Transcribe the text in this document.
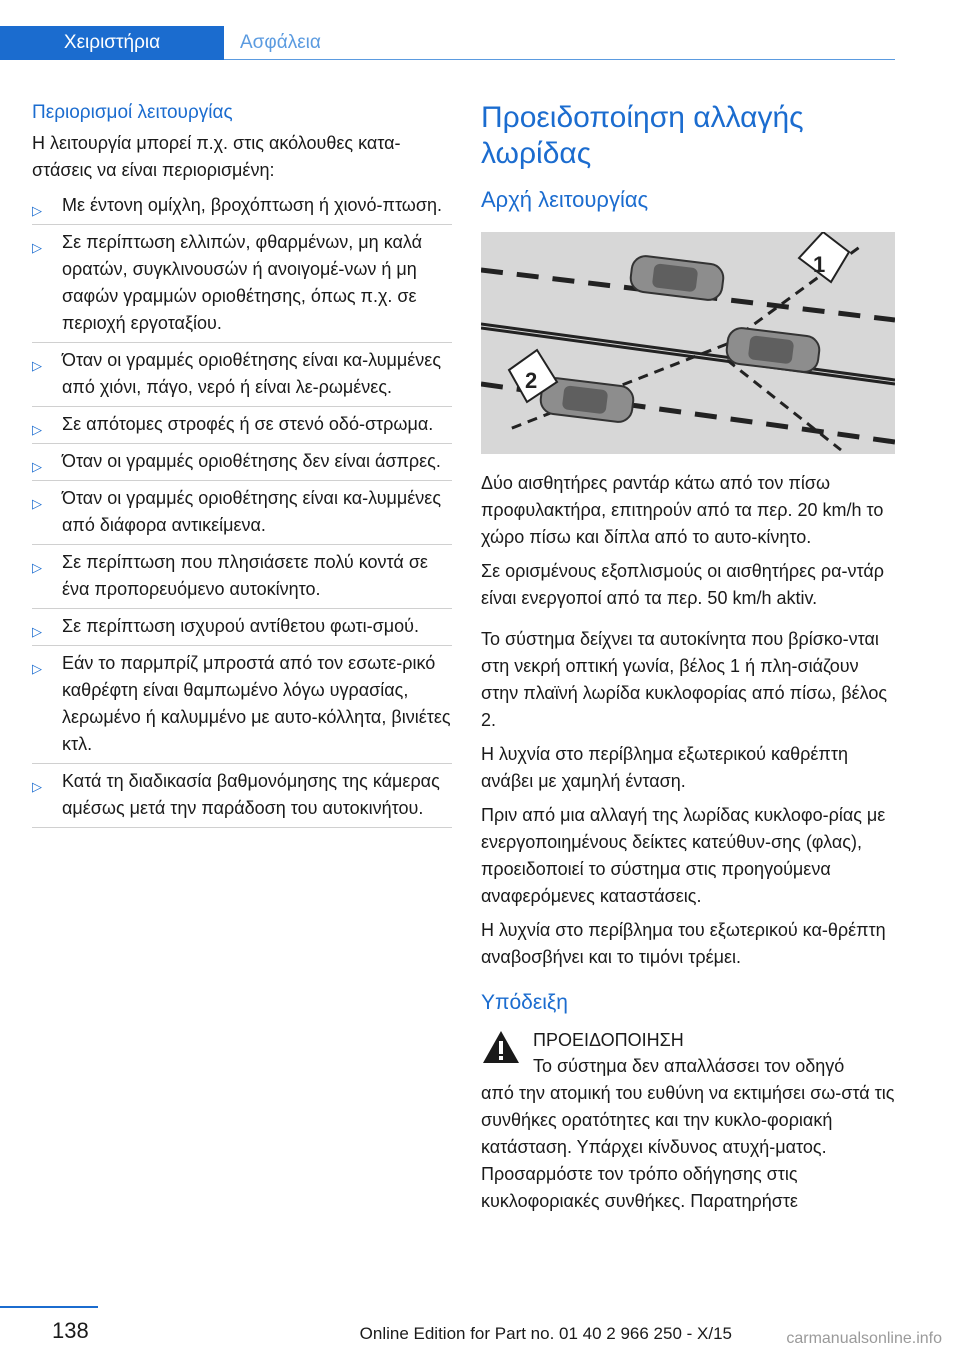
Χειριστήρια	Ασφάλεια
Περιορισμοί λειτουργίας

Η λειτουργία μπορεί π.χ. στις ακόλουθες κατα-στάσεις να είναι περιορισμένη:

▷ Με έντονη ομίχλη, βροχόπτωση ή χιονό-πτωση.
▷ Σε περίπτωση ελλιπών, φθαρμένων, μη καλά ορατών, συγκλινουσών ή ανοιγομέ-νων ή μη σαφών γραμμών οριοθέτησης, όπως π.χ. σε περιοχή εργοταξίου.
▷ Όταν οι γραμμές οριοθέτησης είναι κα-λυμμένες από χιόνι, πάγο, νερό ή είναι λε-ρωμένες.
▷ Σε απότομες στροφές ή σε στενό οδό-στρωμα.
▷ Όταν οι γραμμές οριοθέτησης δεν είναι άσπρες.
▷ Όταν οι γραμμές οριοθέτησης είναι κα-λυμμένες από διάφορα αντικείμενα.
▷ Σε περίπτωση που πλησιάσετε πολύ κοντά σε ένα προπορευόμενο αυτοκίνητο.
▷ Σε περίπτωση ισχυρού αντίθετου φωτι-σμού.
▷ Εάν το παρμπρίζ μπροστά από τον εσωτε-ρικό καθρέφτη είναι θαμπωμένο λόγω υγρασίας, λερωμένο ή καλυμμένο με αυτο-κόλλητα, βινιέτες κτλ.
▷ Κατά τη διαδικασία βαθμονόμησης της κάμερας αμέσως μετά την παράδοση του αυτοκινήτου.
Προειδοποίηση αλλαγής λωρίδας
Αρχή λειτουργίας
1
2

Δύο αισθητήρες ραντάρ κάτω από τον πίσω προφυλακτήρα, επιτηρούν από τα περ. 20 km/h το χώρο πίσω και δίπλα από το αυτο-κίνητο.

Σε ορισμένους εξοπλισμούς οι αισθητήρες ρα-ντάρ είναι ενεργοποί από τα περ. 50 km/h aktiv.

Το σύστημα δείχνει τα αυτοκίνητα που βρίσκο-νται στη νεκρή οπτική γωνία, βέλος 1 ή πλη-σιάζουν στην πλαϊνή λωρίδα κυκλοφορίας από πίσω, βέλος 2.

Η λυχνία στο περίβλημα εξωτερικού καθρέπτη ανάβει με χαμηλή ένταση.

Πριν από μια αλλαγή της λωρίδας κυκλοφο-ρίας με ενεργοποιημένους δείκτες κατεύθυν-σης (φλας), προειδοποιεί το σύστημα στις προηγούμενα αναφερόμενες καταστάσεις.

Η λυχνία στο περίβλημα του εξωτερικού κα-θρέπτη αναβοσβήνει και το τιμόνι τρέμει.

Υπόδειξη
ΠΡΟΕΙΔΟΠΟΙΗΣΗ
Το σύστημα δεν απαλλάσσει τον οδηγό
από την ατομική του ευθύνη να εκτιμήσει σω-στά τις συνθήκες ορατότητες και την κυκλο-φοριακή κατάσταση. Υπάρχει κίνδυνος ατυχή-ματος. Προσαρμόστε τον τρόπο οδήγησης στις κυκλοφοριακές συνθήκες. Παρατηρήστε
138	Online Edition for Part no. 01 40 2 966 250 - X/15	carmanualsonline.info
